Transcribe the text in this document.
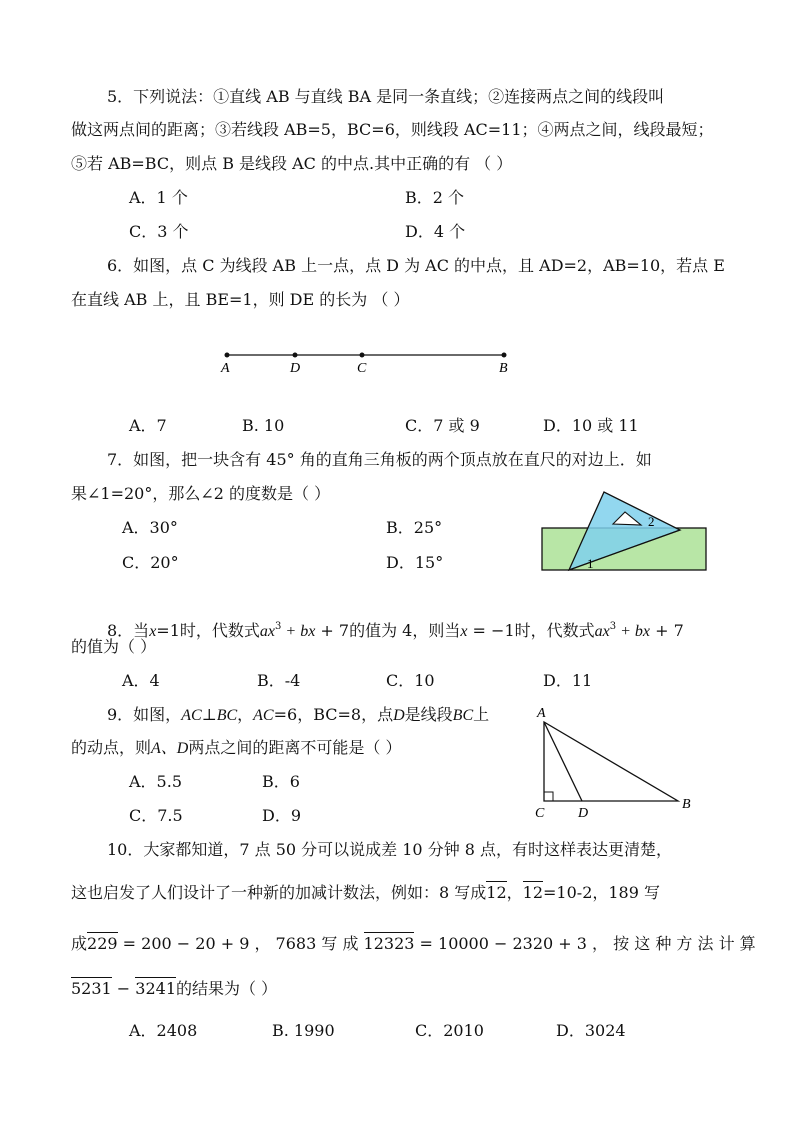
5．下列说法：①直线 AB 与直线 BA 是同一条直线；②连接两点之间的线段叫
做这两点间的距离；③若线段 AB=5，BC=6，则线段 AC=11；④两点之间，线段最短；
⑤若 AB=BC，则点 B 是线段 AC 的中点.其中正确的有 （ ）
A．1 个	B．2 个
C．3 个	D．4 个
6．如图，点 C 为线段 AB 上一点，点 D 为 AC 的中点，且 AD=2，AB=10，若点 E
在直线 AB 上，且 BE=1，则 DE 的长为 （ ）
A	D	C	B
A．7	B. 10	C．7 或 9	D．10 或 11
7．如图，把一块含有 45° 角的直角三角板的两个顶点放在直尺的对边上．如
果∠1=20°，那么∠2 的度数是（ ）
A．30°	B．25°
C．20°	D．15°	1
2
8．当x=1时，代数式$ax^3$ + bx + 7的值为 4，则当x = −1时，代数式$ax^3$ + bx + 7
的值为（ ）
A．4	B．-4	C．10	D．11
9．如图，AC⊥BC，AC=6，BC=8，点D是线段BC上
的动点，则A、D两点之间的距离不可能是（ ）
A．5.5	B．6
C．7.5	D．9
A
C D
B
10．大家都知道，7 点 50 分可以说成差 10 分钟 8 点，有时这样表达更清楚，
这也启发了人们设计了一种新的加减计数法，例如：8 写成12，12=10-2，189 写
成229 = 200 − 20 + 9 ， 7683 写 成 12323 = 10000 − 2320 + 3 ， 按 这 种 方 法 计 算
5231 − 3241的结果为（ ）
A．2408	B. 1990	C．2010	D．3024
